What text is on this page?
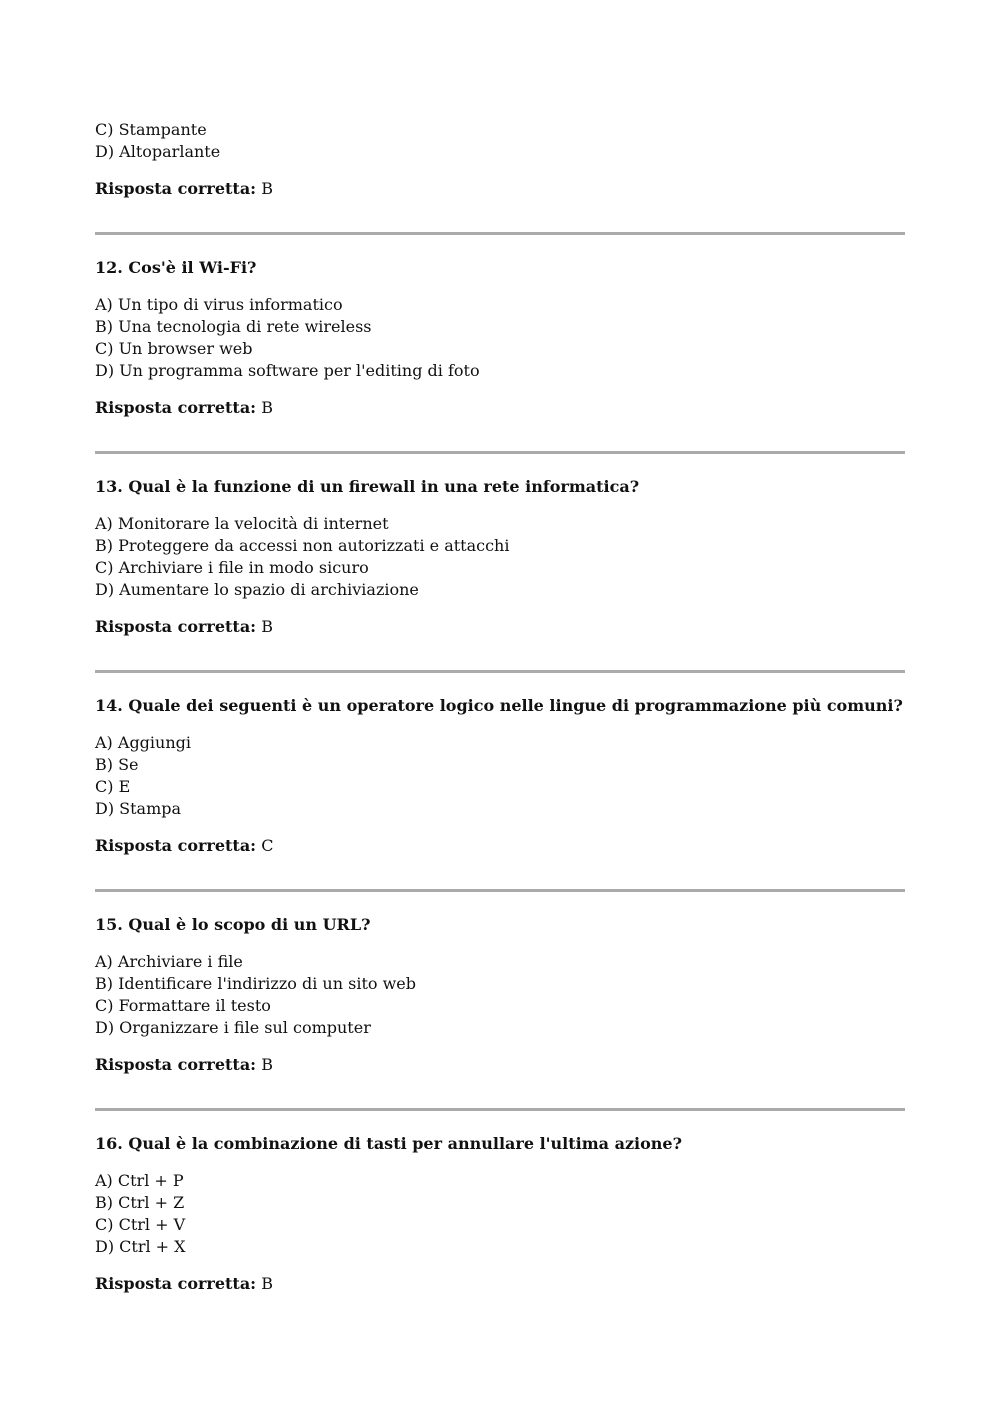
C) Stampante

D) Altoparlante

Risposta corretta: B

12. Cos'è il Wi-Fi?

A) Un tipo di virus informatico

B) Una tecnologia di rete wireless

C) Un browser web

D) Un programma software per l'editing di foto

Risposta corretta: B

13. Qual è la funzione di un firewall in una rete informatica?

A) Monitorare la velocità di internet

B) Proteggere da accessi non autorizzati e attacchi

C) Archiviare i file in modo sicuro

D) Aumentare lo spazio di archiviazione

Risposta corretta: B

14. Quale dei seguenti è un operatore logico nelle lingue di programmazione più comuni?

A) Aggiungi

B) Se

C) E

D) Stampa

Risposta corretta: C

15. Qual è lo scopo di un URL?

A) Archiviare i file

B) Identificare l'indirizzo di un sito web

C) Formattare il testo

D) Organizzare i file sul computer

Risposta corretta: B

16. Qual è la combinazione di tasti per annullare l'ultima azione?

A) Ctrl + P

B) Ctrl + Z

C) Ctrl + V

D) Ctrl + X

Risposta corretta: B
